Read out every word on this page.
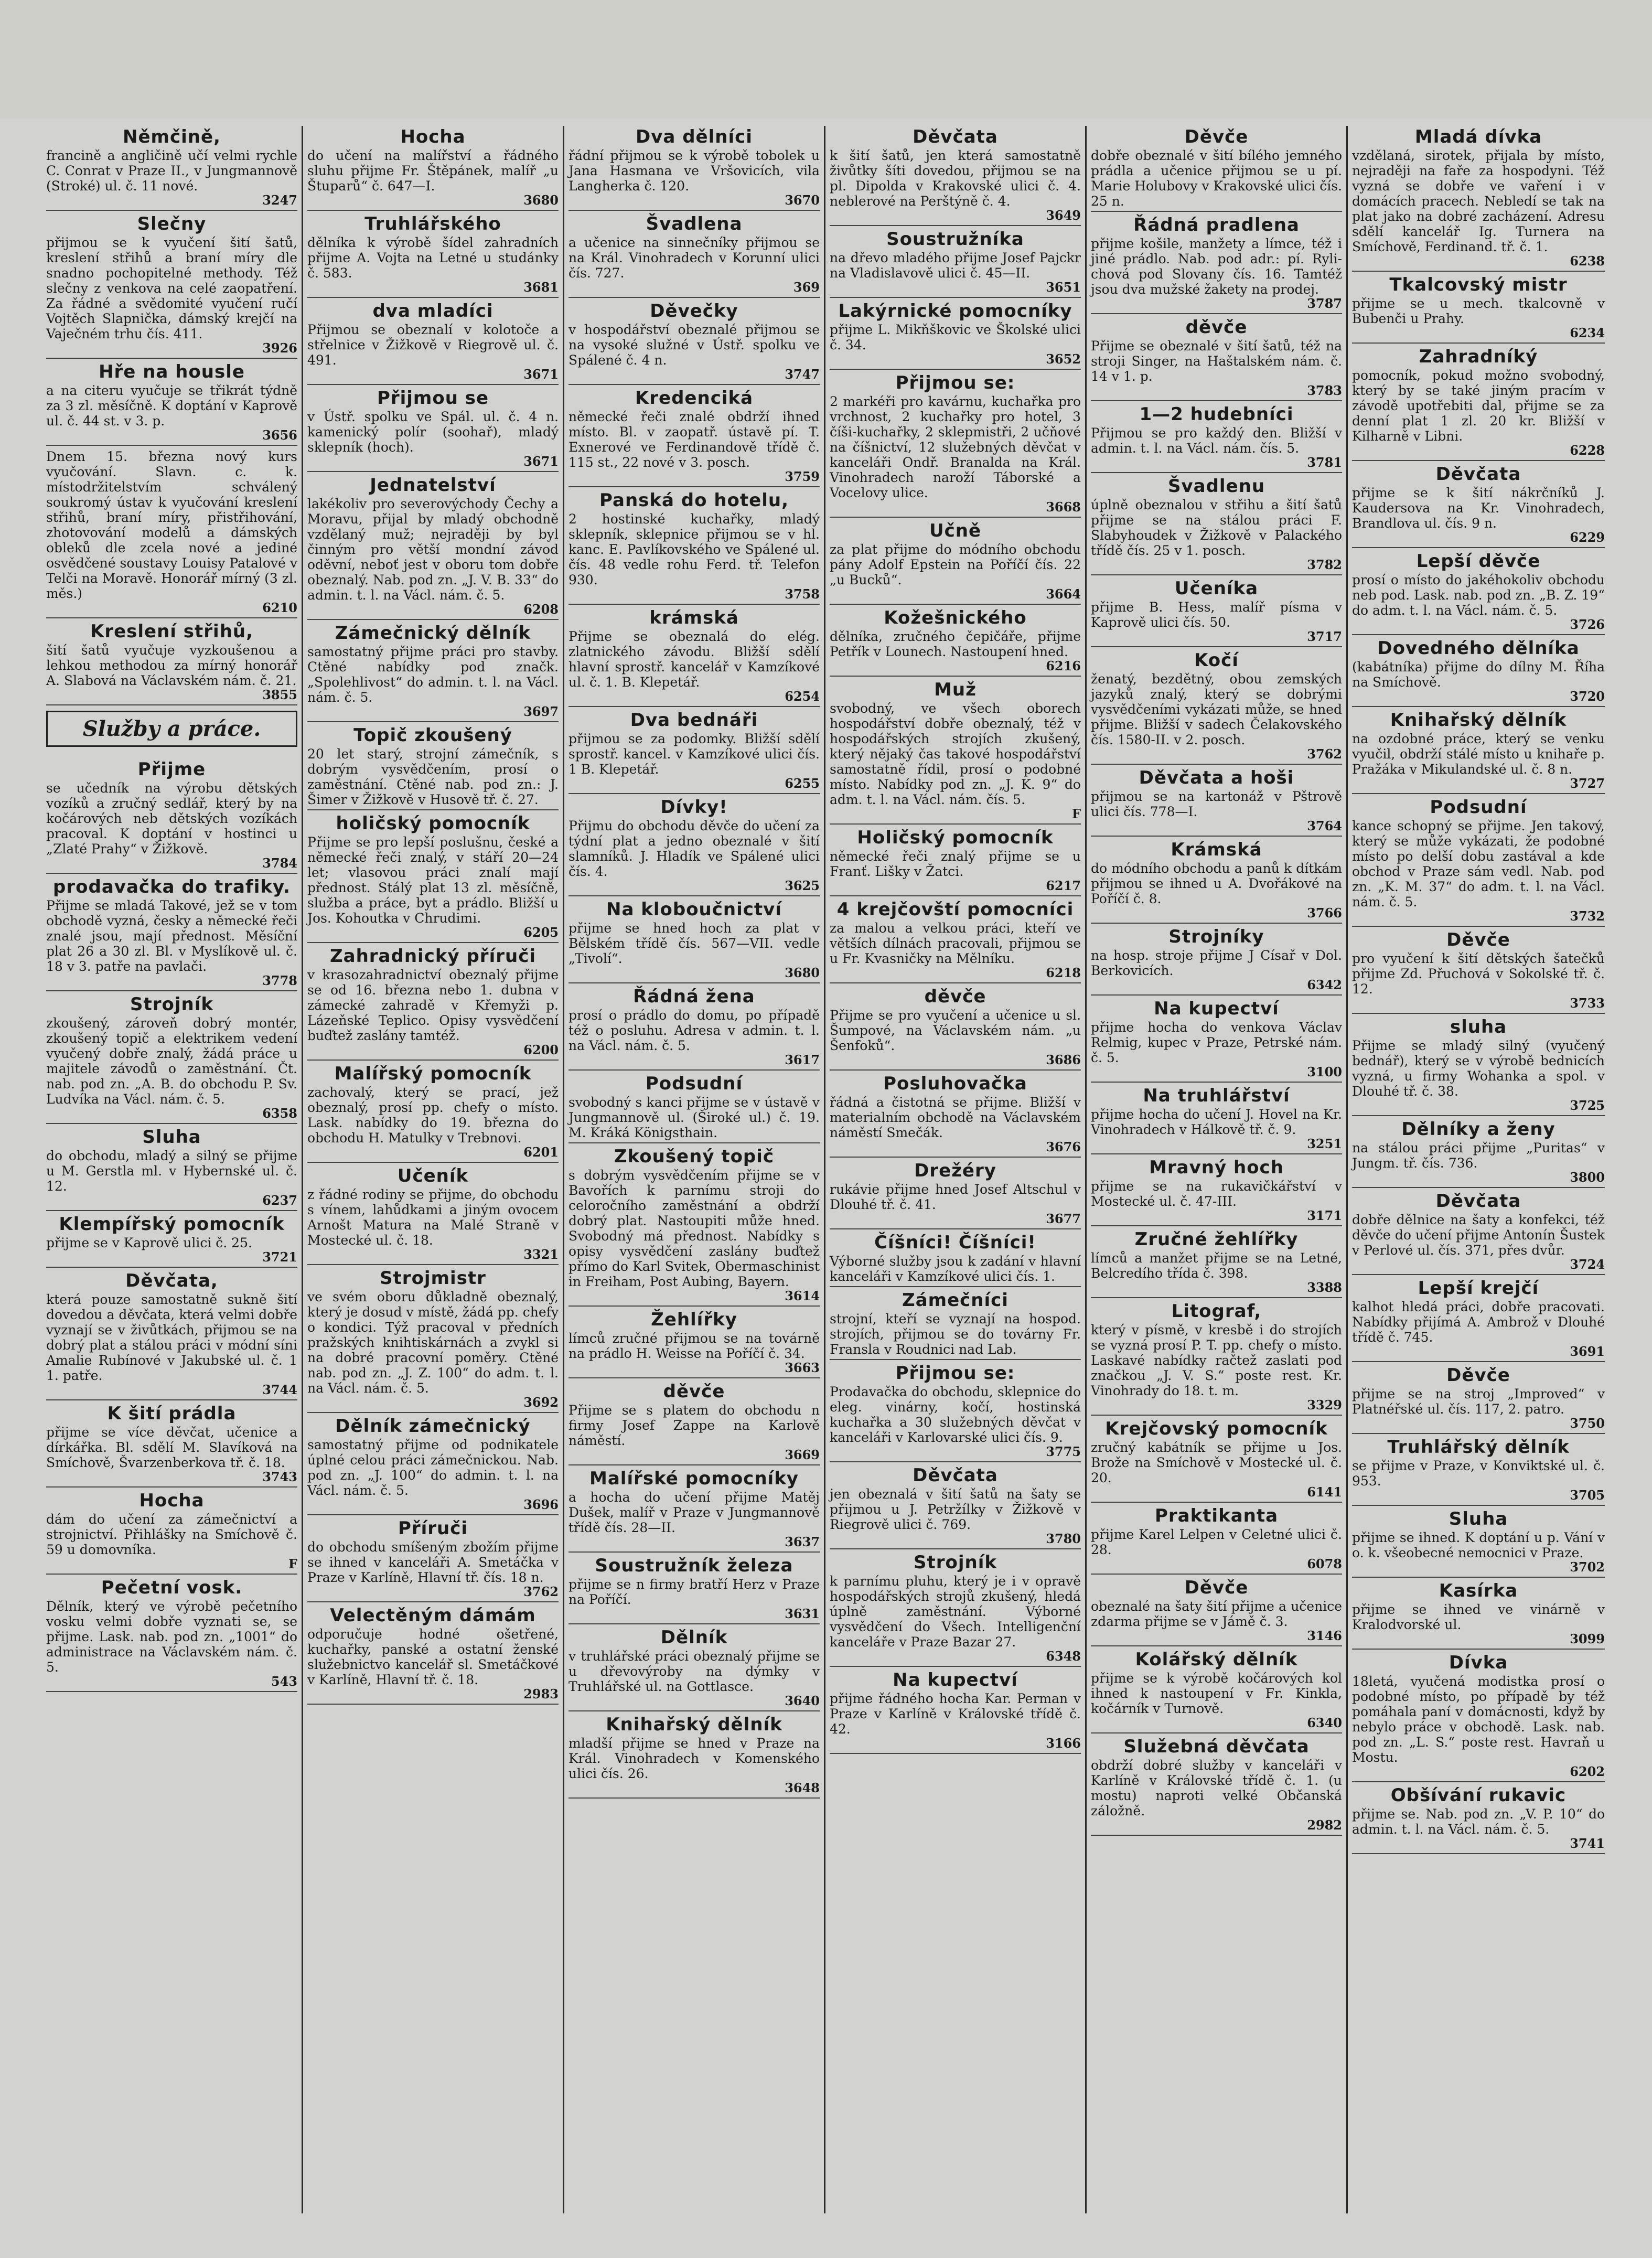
Němčině,

francině a angličině učí velmi rychle C. Conrat v Praze II., v Jungmannově (Stroké) ul. č. 11 nové.

3247
Slečny

přijmou se k vyučení šití šatů, kreslení střihů a braní míry dle snadno pochopitelné methody. Též slečny z venkova na celé zaopatření. Za řádné a svědomité vyučení ručí Vojtěch Slapnička, dámský krejčí na Vaječném trhu čís. 411.

3926
Hře na housle

a na citeru vyučuje se třikrát týdně za 3 zl. měsíčně. K doptání v Kaprově ul. č. 44 st. v 3. p.

3656

Dnem 15. března nový kurs vyučování. Slavn. c. k. místodržitelstvím schválený soukromý ústav k vyučování kreslení střihů, braní míry, přistřihování, zhotovování modelů a dámských obleků dle zcela nové a jediné osvědčené soustavy Louisy Patalové v Telči na Moravě. Honorář mírný (3 zl. měs.)

6210
Kreslení střihů,

šití šatů vyučuje vyzkoušenou a lehkou methodou za mírný honorář A. Slabová na Václavském nám. č. 21.

3855
Služby a práce.
Přijme

se učedník na výrobu dětských vozíků a zručný sedlář, který by na kočárových neb dětských vozíkách pracoval. K doptání v hostinci u „Zlaté Prahy“ v Žižkově.

3784
prodavačka do trafiky.

Přijme se mladá Takové, jež se v tom obchodě vyzná, česky a německé řeči znalé jsou, mají přednost. Měsíční plat 26 a 30 zl. Bl. v Myslíkově ul. č. 18 v 3. patře na pavlači.

3778
Strojník

zkoušený, zároveň dobrý montér, zkoušený topič a elektrikem vedení vyučený dobře znalý, žádá práce u majitele závodů o zaměstnání. Čt. nab. pod zn. „A. B. do obchodu P. Sv. Ludvíka na Václ. nám. č. 5.

6358
Sluha

do obchodu, mladý a silný se přijme u M. Gerstla ml. v Hybernské ul. č. 12.

6237
Klempířský pomocník

přijme se v Kaprově ulici č. 25.

3721
Děvčata,

která pouze samostatně sukně šití dovedou a děvčata, která velmi dobře vyznají se v živůtkách, přijmou se na dobrý plat a stálou práci v módní síni Amalie Rubínové v Jakubské ul. č. 1 1. patře.

3744
K šití prádla

přijme se více děvčat, učenice a dírkářka. Bl. sdělí M. Slavíková na Smíchově, Švarzenberkova tř. č. 18.

3743
Hocha

dám do učení za zámečnictví a strojnictví. Přihlášky na Smíchově č. 59 u domovníka.

F
Pečetní vosk.

Dělník, který ve výrobě pečetního vosku velmi dobře vyznati se, se přijme. Lask. nab. pod zn. „1001“ do administrace na Václavském nám. č. 5.

543
Hocha

do učení na malířství a řádného sluhu přijme Fr. Štěpánek, malíř „u Štuparů“ č. 647—I.

3680
Truhlářského

dělníka k výrobě šídel zahradních přijme A. Vojta na Letné u studánky č. 583.

3681
dva mladíci

Přijmou se obeznalí v kolotoče a střelnice v Žižkově v Riegrově ul. č. 491.

3671
Přijmou se

v Ústř. spolku ve Spál. ul. č. 4 n. kamenický polír (soohař), mladý sklepník (hoch).

3671
Jednatelství

lakékoliv pro severovýchody Čechy a Moravu, přijal by mladý obchodně vzdělaný muž; nejraději by byl činným pro větší mondní závod oděvní, neboť jest v oboru tom dobře obeznalý. Nab. pod zn. „J. V. B. 33“ do admin. t. l. na Václ. nám. č. 5.

6208
Zámečnický dělník

samostatný přijme práci pro stavby. Ctěné nabídky pod značk. „Spolehlivost“ do admin. t. l. na Václ. nám. č. 5.

3697
Topič zkoušený

20 let starý, strojní zámečník, s dobrým vysvědčením, prosí o zaměstnání. Ctěné nab. pod zn.: J. Šimer v Žižkově v Husově tř. č. 27.

holičský pomocník

Přijme se pro lepší poslušnu, české a německé řeči znalý, v stáří 20—24 let; vlasovou práci znalí mají přednost. Stálý plat 13 zl. měsíčně, služba a práce, byt a prádlo. Bližší u Jos. Kohoutka v Chrudimi.

6205
Zahradnický příruči

v krasozahradnictví obeznalý přijme se od 16. března nebo 1. dubna v zámecké zahradě v Křemyži p. Lázeňské Teplico. Opisy vysvědčení buďtež zaslány tamtéž.

6200
Malířský pomocník

zachovalý, který se prací, jež obeznalý, prosí pp. chefy o místo. Lask. nabídky do 19. března do obchodu H. Matulky v Trebnovi.

6201
Učeník

z řádné rodiny se přijme, do obchodu s vínem, lahůdkami a jiným ovocem Arnošt Matura na Malé Straně v Mostecké ul. č. 18.

3321
Strojmistr

ve svém oboru důkladně obeznalý, který je dosud v místě, žádá pp. chefy o kondici. Týž pracoval v předních pražských knihtiskárnách a zvykl si na dobré pracovní poměry. Ctěné nab. pod zn. „J. Z. 100“ do adm. t. l. na Václ. nám. č. 5.

3692
Dělník zámečnický

samostatný přijme od podnikatele úplné celou práci zámečnickou. Nab. pod zn. „J. 100“ do admin. t. l. na Václ. nám. č. 5.

3696
Příruči

do obchodu smíšeným zbožím přijme se ihned v kanceláři A. Smetáčka v Praze v Karlíně, Hlavní tř. čís. 18 n.

3762
Velectěným dámám

odporučuje hodné ošetřené, kuchařky, panské a ostatní ženské služebnictvo kancelář sl. Smetáčkové v Karlíně, Hlavní tř. č. 18.

2983
Dva dělníci

řádní přijmou se k výrobě tobolek u Jana Hasmana ve Vršovicích, vila Langherka č. 120.

3670
Švadlena

a učenice na sinnečníky přijmou se na Král. Vinohradech v Korunní ulici čís. 727.

369
Děvečky

v hospodářství obeznalé přijmou se na vysoké služné v Ústř. spolku ve Spálené č. 4 n.

3747
Kredenciká

německé řeči znalé obdrží ihned místo. Bl. v zaopatř. ústavě pí. T. Exnerové ve Ferdinandově třídě č. 115 st., 22 nové v 3. posch.

3759
Panská do hotelu,

2 hostinské kuchařky, mladý sklepník, sklepnice přijmou se v hl. kanc. E. Pavlíkovského ve Spálené ul. čís. 48 vedle rohu Ferd. tř. Telefon 930.

3758
krámská

Přijme se obeznalá do elég. zlatnického závodu. Bližší sdělí hlavní sprostř. kancelář v Kamzíkové ul. č. 1. B. Klepetář.

6254
Dva bednáři

přijmou se za podomky. Bližší sdělí sprostř. kancel. v Kamzíkové ulici čís. 1 B. Klepetář.

6255
Dívky!

Přijmu do obchodu děvče do učení za týdní plat a jedno obeznalé v šití slamníků. J. Hladík ve Spálené ulici čís. 4.

3625
Na kloboučnictví

přijme se hned hoch za plat v Bělském třídě čís. 567—VII. vedle „Tivolí“.

3680
Řádná žena

prosí o prádlo do domu, po případě též o posluhu. Adresa v admin. t. l. na Václ. nám. č. 5.

3617
Podsudní

svobodný s kanci přijme se v ústavě v Jungmannově ul. (Široké ul.) č. 19. M. Kráká Königsthain.

Zkoušený topič

s dobrým vysvědčením přijme se v Bavořích k parnímu stroji do celoročního zaměstnání a obdrží dobrý plat. Nastoupiti může hned. Svobodný má přednost. Nabídky s opisy vysvědčení zaslány buďtež přímo do Karl Svitek, Obermaschinist in Freiham, Post Aubing, Bayern.

3614
Žehlířky

límců zručné přijmou se na továrně na prádlo H. Weisse na Poříčí č. 34.

3663
děvče

Přijme se s platem do obchodu n firmy Josef Zappe na Karlově náměstí.

3669
Malířské pomocníky

a hocha do učení přijme Matěj Dušek, malíř v Praze v Jungmannově třídě čís. 28—II.

3637
Soustružník železa

přijme se n firmy bratří Herz v Praze na Poříčí.

3631
Dělník

v truhlářské práci obeznalý přijme se u dřevovýroby na dýmky v Truhlářské ul. na Gottlasce.

3640
Knihařský dělník

mladší přijme se hned v Praze na Král. Vinohradech v Komenského ulici čís. 26.

3648
Děvčata

k šití šatů, jen která samostatně živůtky šíti dovedou, přijmou se na pl. Dipolda v Krakovské ulici č. 4. neblerové na Perštýně č. 4.

3649
Soustružníka

na dřevo mladého přijme Josef Pajckr na Vladislavově ulici č. 45—II.

3651
Lakýrnické pomocníky

přijme L. Mikňškovic ve Školské ulici č. 34.

3652
Přijmou se:

2 markéři pro kavárnu, kuchařka pro vrchnost, 2 kuchařky pro hotel, 3 číši-kuchařky, 2 sklepmistři, 2 učňové na číšnictví, 12 služebných děvčat v kanceláři Ondř. Branalda na Král. Vinohradech naroží Táborské a Vocelovy ulice.

3668
Učně

za plat přijme do módního obchodu pány Adolf Epstein na Poříčí čís. 22 „u Bucků“.

3664
Kožešnického

dělníka, zručného čepičáře, přijme Petřík v Lounech. Nastoupení hned.

6216
Muž

svobodný, ve všech oborech hospodářství dobře obeznalý, též v hospodářských strojích zkušený, který nějaký čas takové hospodářství samostatně řídil, prosí o podobné místo. Nabídky pod zn. „J. K. 9“ do adm. t. l. na Václ. nám. čís. 5.

F
Holičský pomocník

německé řeči znalý přijme se u Franť. Lišky v Žatci.

6217
4 krejčovští pomocníci

za malou a velkou práci, kteří ve větších dílnách pracovali, přijmou se u Fr. Kvasničky na Mělníku.

6218
děvče

Přijme se pro vyučení a učenice u sl. Šumpové, na Václavském nám. „u Šenfoků“.

3686
Posluhovačka

řádná a čistotná se přijme. Bližší v materialním obchodě na Václavském náměstí Smečák.

3676
Drežéry

rukávie přijme hned Josef Altschul v Dlouhé tř. č. 41.

3677
Číšníci! Číšníci!

Výborné služby jsou k zadání v hlavní kanceláři v Kamzíkové ulici čís. 1.

Zámečníci

strojní, kteří se vyznají na hospod. strojích, přijmou se do továrny Fr. Fransla v Roudnici nad Lab.

Přijmou se:

Prodavačka do obchodu, sklepnice do eleg. vinárny, kočí, hostinská kuchařka a 30 služebných děvčat v kanceláři v Karlovarské ulici čís. 9.

3775
Děvčata

jen obeznalá v šití šatů na šaty se přijmou u J. Petržílky v Žižkově v Riegrově ulici č. 769.

3780
Strojník

k parnímu pluhu, který je i v opravě hospodářských strojů zkušený, hledá úplně zaměstnání. Výborné vysvědčení do Všech. Intelligenční kanceláře v Praze Bazar 27.

6348
Na kupectví

přijme řádného hocha Kar. Perman v Praze v Karlíně v Královské třídě č. 42.

3166
Děvče

dobře obeznalé v šití bílého jemného prádla a učenice přijmou se u pí. Marie Holubovy v Krakovské ulici čís. 25 n.

Řádná pradlena

přijme košile, manžety a límce, též i jiné prádlo. Nab. pod adr.: pí. Ryli-chová pod Slovany čís. 16. Tamtéž jsou dva mužské žakety na prodej.

3787
děvče

Přijme se obeznalé v šití šatů, též na stroji Singer, na Haštalském nám. č. 14 v 1. p.

3783
1—2 hudebníci

Přijmou se pro každý den. Bližší v admin. t. l. na Václ. nám. čís. 5.

3781
Švadlenu

úplně obeznalou v střihu a šití šatů přijme se na stálou práci F. Slabyhoudek v Žižkově v Palackého třídě čís. 25 v 1. posch.

3782
Učeníka

přijme B. Hess, malíř písma v Kaprově ulici čís. 50.

3717
Kočí

ženatý, bezdětný, obou zemských jazyků znalý, který se dobrými vysvědčeními vykázati může, se hned přijme. Bližší v sadech Čelakovského čís. 1580-II. v 2. posch.

3762
Děvčata a hoši

přijmou se na kartonáž v Pštrově ulici čís. 778—I.

3764
Krámská

do módního obchodu a panů k dítkám přijmou se ihned u A. Dvořákové na Poříčí č. 8.

3766
Strojníky

na hosp. stroje přijme J Císař v Dol. Berkovicích.

6342
Na kupectví

přijme hocha do venkova Václav Relmig, kupec v Praze, Petrské nám. č. 5.

3100
Na truhlářství

přijme hocha do učení J. Hovel na Kr. Vinohradech v Hálkově tř. č. 9.

3251
Mravný hoch

přijme se na rukavičkářství v Mostecké ul. č. 47-III.

3171
Zručné žehlířky

límců a manžet přijme se na Letné, Belcredího třída č. 398.

3388
Litograf,

který v písmě, v kresbě i do strojích se vyzná prosí P. T. pp. chefy o místo. Laskavé nabídky račtež zaslati pod značkou „J. V. S.“ poste rest. Kr. Vinohrady do 18. t. m.

3329
Krejčovský pomocník

zručný kabátník se přijme u Jos. Brože na Smíchově v Mostecké ul. č. 20.

6141
Praktikanta

přijme Karel Lelpen v Celetné ulici č. 28.

6078
Děvče

obeznalé na šaty šití přijme a učenice zdarma přijme se v Jámě č. 3.

3146
Kolářský dělník

přijme se k výrobě kočárových kol ihned k nastoupení v Fr. Kinkla, kočárník v Turnově.

6340
Služebná děvčata

obdrží dobré služby v kanceláři v Karlíně v Královské třídě č. 1. (u mostu) naproti velké Občanská záložně.

2982
Mladá dívka

vzdělaná, sirotek, přijala by místo, nejraději na faře za hospodyni. Též vyzná se dobře ve vaření i v domácích pracech. Nebledí se tak na plat jako na dobré zacházení. Adresu sdělí kancelář Ig. Turnera na Smíchově, Ferdinand. tř. č. 1.

6238
Tkalcovský mistr

přijme se u mech. tkalcovně v Bubenči u Prahy.

6234
Zahradníký

pomocník, pokud možno svobodný, který by se také jiným pracím v závodě upotřebiti dal, přijme se za denní plat 1 zl. 20 kr. Bližší v Kilharně v Libni.

6228
Děvčata

přijme se k šití nákrčníků J. Kaudersova na Kr. Vinohradech, Brandlova ul. čís. 9 n.

6229
Lepší děvče

prosí o místo do jakéhokoliv obchodu neb pod. Lask. nab. pod zn. „B. Z. 19“ do adm. t. l. na Václ. nám. č. 5.

3726
Dovedného dělníka

(kabátníka) přijme do dílny M. Říha na Smíchově.

3720
Knihařský dělník

na ozdobné práce, který se venku vyučil, obdrží stálé místo u knihaře p. Pražáka v Mikulandské ul. č. 8 n.

3727
Podsudní

kance schopný se přijme. Jen takový, který se může vykázati, že podobné místo po delší dobu zastával a kde obchod v Praze sám vedl. Nab. pod zn. „K. M. 37“ do adm. t. l. na Václ. nám. č. 5.

3732
Děvče

pro vyučení k šití dětských šatečků přijme Zd. Přuchová v Sokolské tř. č. 12.

3733
sluha

Přijme se mladý silný (vyučený bednář), který se v výrobě bednicích vyzná, u firmy Wohanka a spol. v Dlouhé tř. č. 38.

3725
Dělníky a ženy

na stálou práci přijme „Puritas“ v Jungm. tř. čís. 736.

3800
Děvčata

dobře dělnice na šaty a konfekci, též děvče do učení přijme Antonín Šustek v Perlové ul. čís. 371, přes dvůr.

3724
Lepší krejčí

kalhot hledá práci, dobře pracovati. Nabídky přijímá A. Ambrož v Dlouhé třídě č. 745.

3691
Děvče

přijme se na stroj „Improved“ v Platnéřské ul. čís. 117, 2. patro.

3750
Truhlářský dělník

se přijme v Praze, v Konviktské ul. č. 953.

3705
Sluha

přijme se ihned. K doptání u p. Vání v o. k. všeobecné nemocnici v Praze.

3702
Kasírka

přijme se ihned ve vinárně v Kralodvorské ul.

3099
Dívka

18letá, vyučená modistka prosí o podobné místo, po případě by též pomáhala paní v domácnosti, když by nebylo práce v obchodě. Lask. nab. pod zn. „L. S.“ poste rest. Havraň u Mostu.

6202
Obšívání rukavic

přijme se. Nab. pod zn. „V. P. 10“ do admin. t. l. na Václ. nám. č. 5.

3741
